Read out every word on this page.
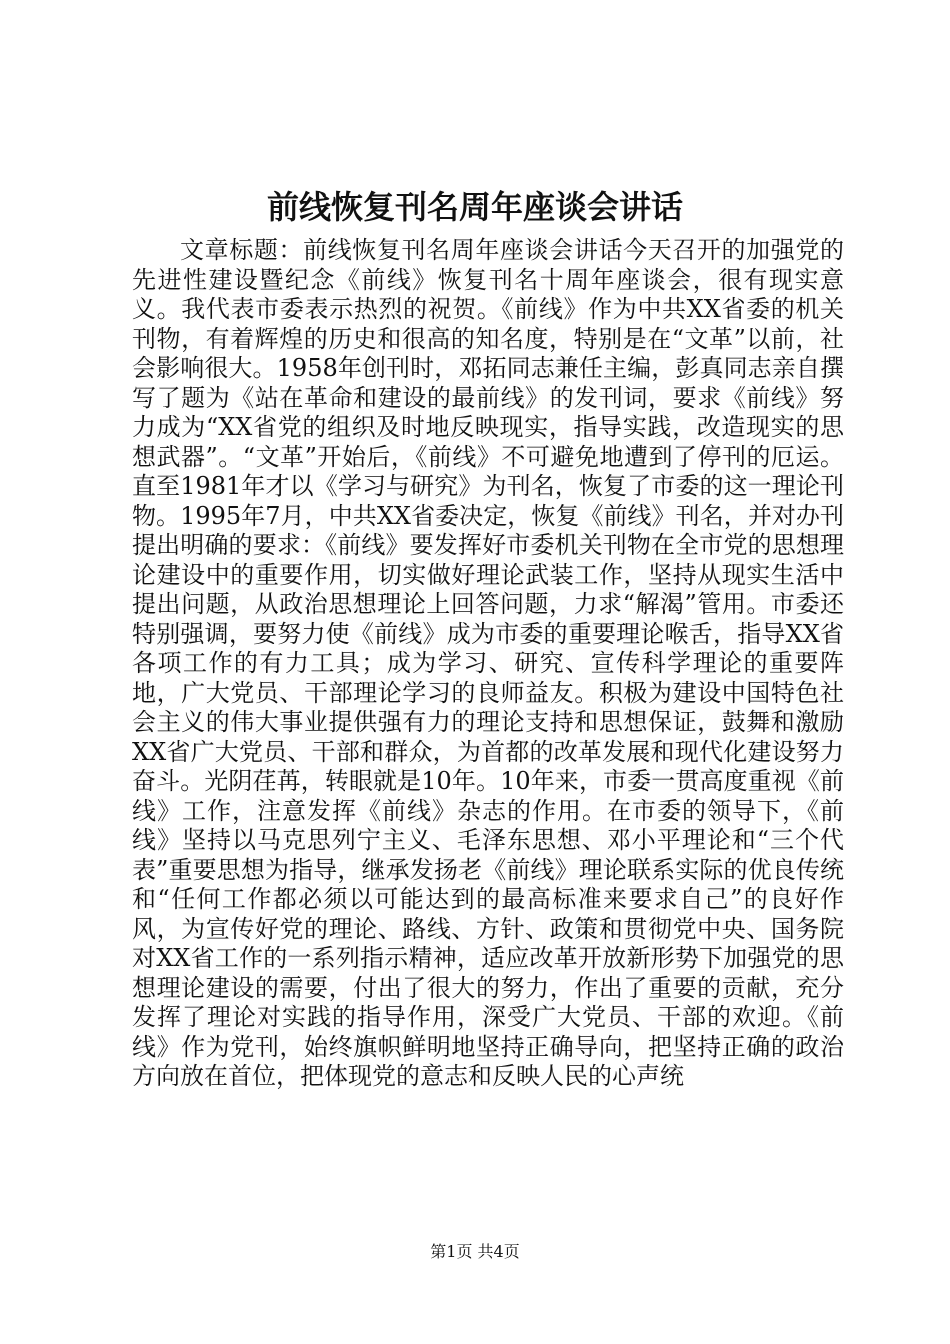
前线恢复刊名周年座谈会讲话

文章标题：前线恢复刊名周年座谈会讲话今天召开的加强党的先进性建设暨纪念《前线》恢复刊名十周年座谈会，很有现实意义。我代表市委表示热烈的祝贺。《前线》作为中共XX省委的机关刊物，有着辉煌的历史和很高的知名度，特别是在“文革”以前，社会影响很大。1958年创刊时，邓拓同志兼任主编，彭真同志亲自撰写了题为《站在革命和建设的最前线》的发刊词，要求《前线》努力成为“XX省党的组织及时地反映现实，指导实践，改造现实的思想武器”。“文革”开始后，《前线》不可避免地遭到了停刊的厄运。直至1981年才以《学习与研究》为刊名，恢复了市委的这一理论刊物。1995年7月，中共XX省委决定，恢复《前线》刊名，并对办刊提出明确的要求：《前线》要发挥好市委机关刊物在全市党的思想理论建设中的重要作用，切实做好理论武装工作，坚持从现实生活中提出问题，从政治思想理论上回答问题，力求“解渴”管用。市委还特别强调，要努力使《前线》成为市委的重要理论喉舌，指导XX省各项工作的有力工具；成为学习、研究、宣传科学理论的重要阵地，广大党员、干部理论学习的良师益友。积极为建设中国特色社会主义的伟大事业提供强有力的理论支持和思想保证，鼓舞和激励XX省广大党员、干部和群众，为首都的改革发展和现代化建设努力奋斗。光阴荏苒，转眼就是10年。10年来，市委一贯高度重视《前线》工作，注意发挥《前线》杂志的作用。在市委的领导下，《前线》坚持以马克思列宁主义、毛泽东思想、邓小平理论和“三个代表”重要思想为指导，继承发扬老《前线》理论联系实际的优良传统和“任何工作都必须以可能达到的最高标准来要求自己”的良好作风，为宣传好党的理论、路线、方针、政策和贯彻党中央、国务院对XX省工作的一系列指示精神，适应改革开放新形势下加强党的思想理论建设的需要，付出了很大的努力，作出了重要的贡献，充分发挥了理论对实践的指导作用，深受广大党员、干部的欢迎。《前线》作为党刊，始终旗帜鲜明地坚持正确导向，把坚持正确的政治方向放在首位，把体现党的意志和反映人民的心声统

第1页 共4页
